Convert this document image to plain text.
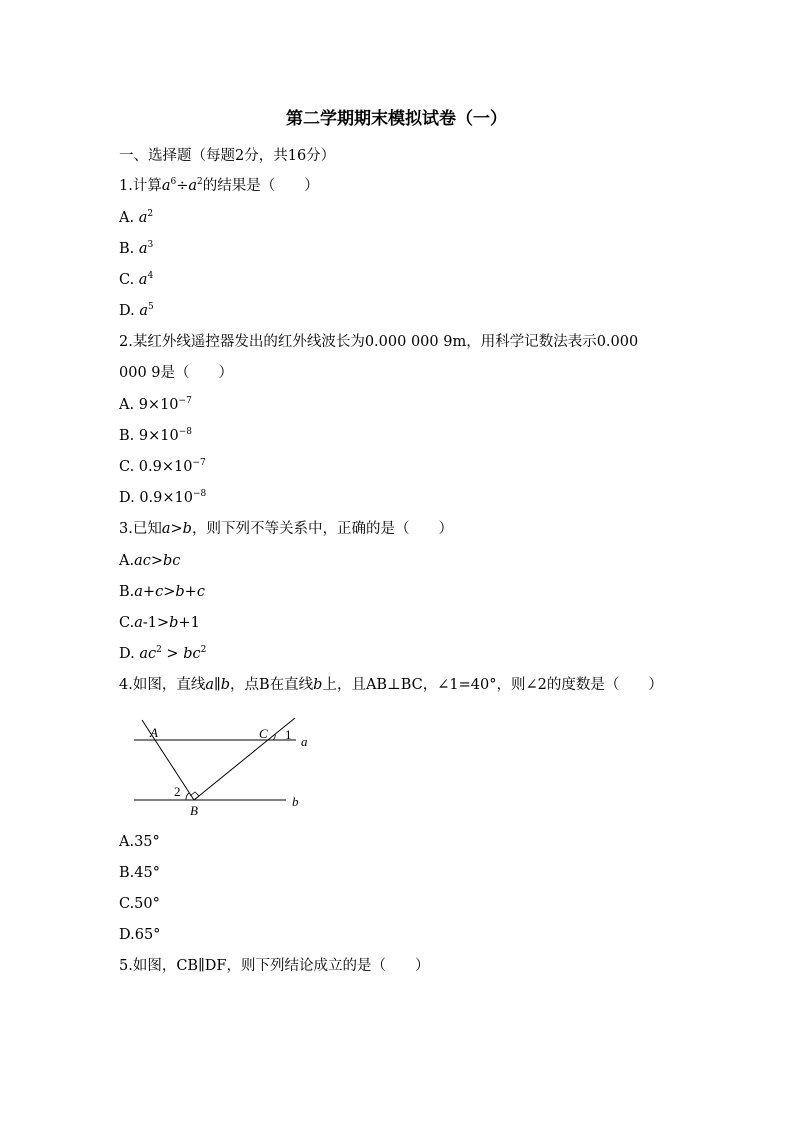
第二学期期末模拟试卷（一）
一、选择题（每题2分，共16分）
1.计算$a^6\div a^2$的结果是（　　）
A. $a^2$
B. $a^3$
C. $a^4$
D. $a^5$
2.某红外线遥控器发出的红外线波长为0.000 000 9m，用科学记数法表示0.000
000 9是（　　）
A. $9\times 10^{-7}$
B. $9\times 10^{-8}$
C. $0.9\times 10^{-7}$
D. $0.9\times 10^{-8}$
3.已知a>b，则下列不等关系中，正确的是（　　）
A.ac>bc
B.a+c>b+c
C.a-1>b+1
D. $ac^2 > bc^2$
4.如图，直线a∥b，点B在直线b上，且AB⊥BC，∠1=40°，则∠2的度数是（　　）
A	C 1 a
2
B
b
A.35°
B.45°
C.50°
D.65°
5.如图，CB∥DF，则下列结论成立的是（　　）
